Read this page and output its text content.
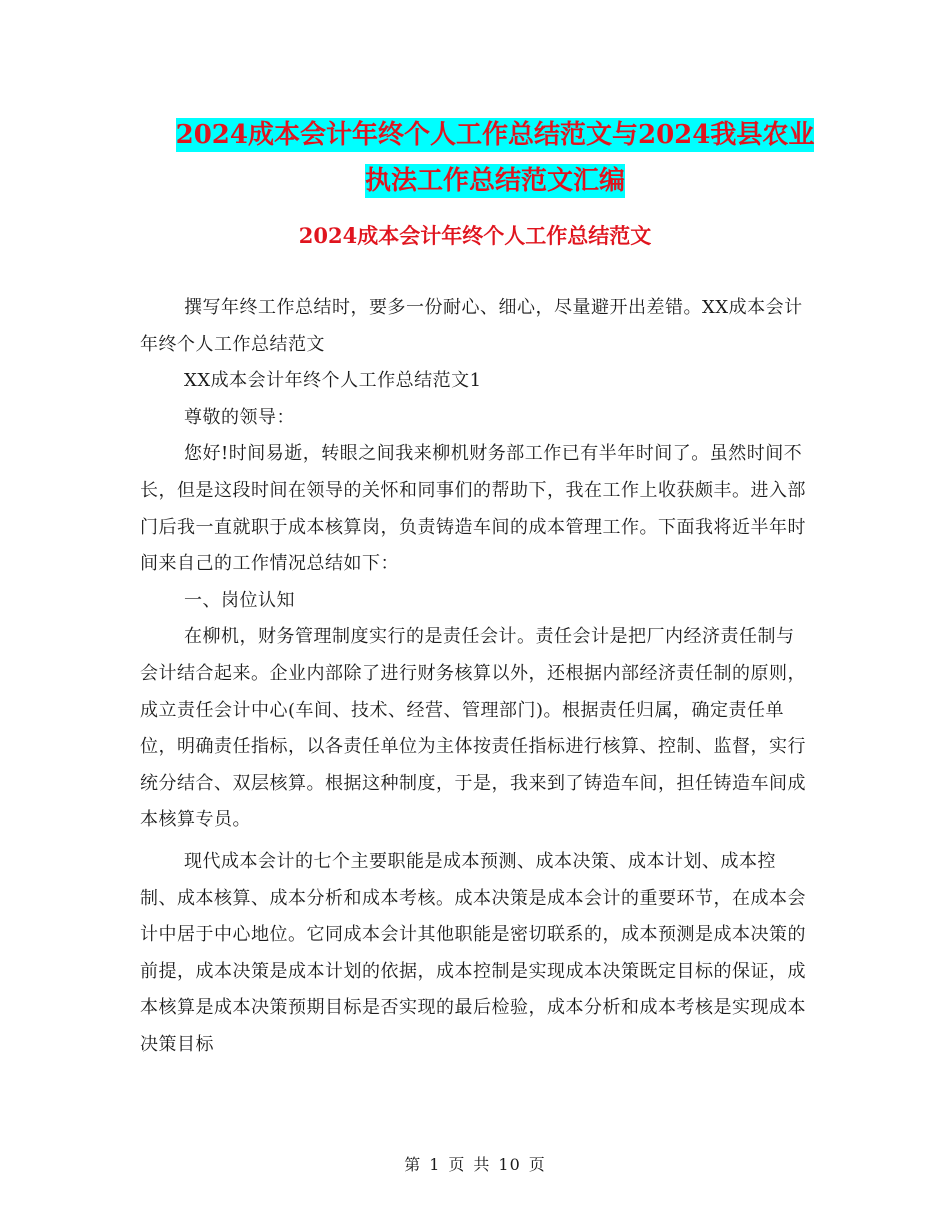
2024成本会计年终个人工作总结范文与2024我县农业
执法工作总结范文汇编
2024成本会计年终个人工作总结范文

撰写年终工作总结时，要多一份耐心、细心，尽量避开出差错。XX成本会计年终个人工作总结范文

XX成本会计年终个人工作总结范文1

尊敬的领导：

您好!时间易逝，转眼之间我来柳机财务部工作已有半年时间了。虽然时间不长，但是这段时间在领导的关怀和同事们的帮助下，我在工作上收获颇丰。进入部门后我一直就职于成本核算岗，负责铸造车间的成本管理工作。下面我将近半年时间来自己的工作情况总结如下：

一、岗位认知

在柳机，财务管理制度实行的是责任会计。责任会计是把厂内经济责任制与会计结合起来。企业内部除了进行财务核算以外，还根据内部经济责任制的原则，成立责任会计中心(车间、技术、经营、管理部门)。根据责任归属，确定责任单位，明确责任指标，以各责任单位为主体按责任指标进行核算、控制、监督，实行统分结合、双层核算。根据这种制度，于是，我来到了铸造车间，担任铸造车间成本核算专员。

现代成本会计的七个主要职能是成本预测、成本决策、成本计划、成本控制、成本核算、成本分析和成本考核。成本决策是成本会计的重要环节，在成本会计中居于中心地位。它同成本会计其他职能是密切联系的，成本预测是成本决策的前提，成本决策是成本计划的依据，成本控制是实现成本决策既定目标的保证，成本核算是成本决策预期目标是否实现的最后检验，成本分析和成本考核是实现成本决策目标

第 1 页 共 10 页
